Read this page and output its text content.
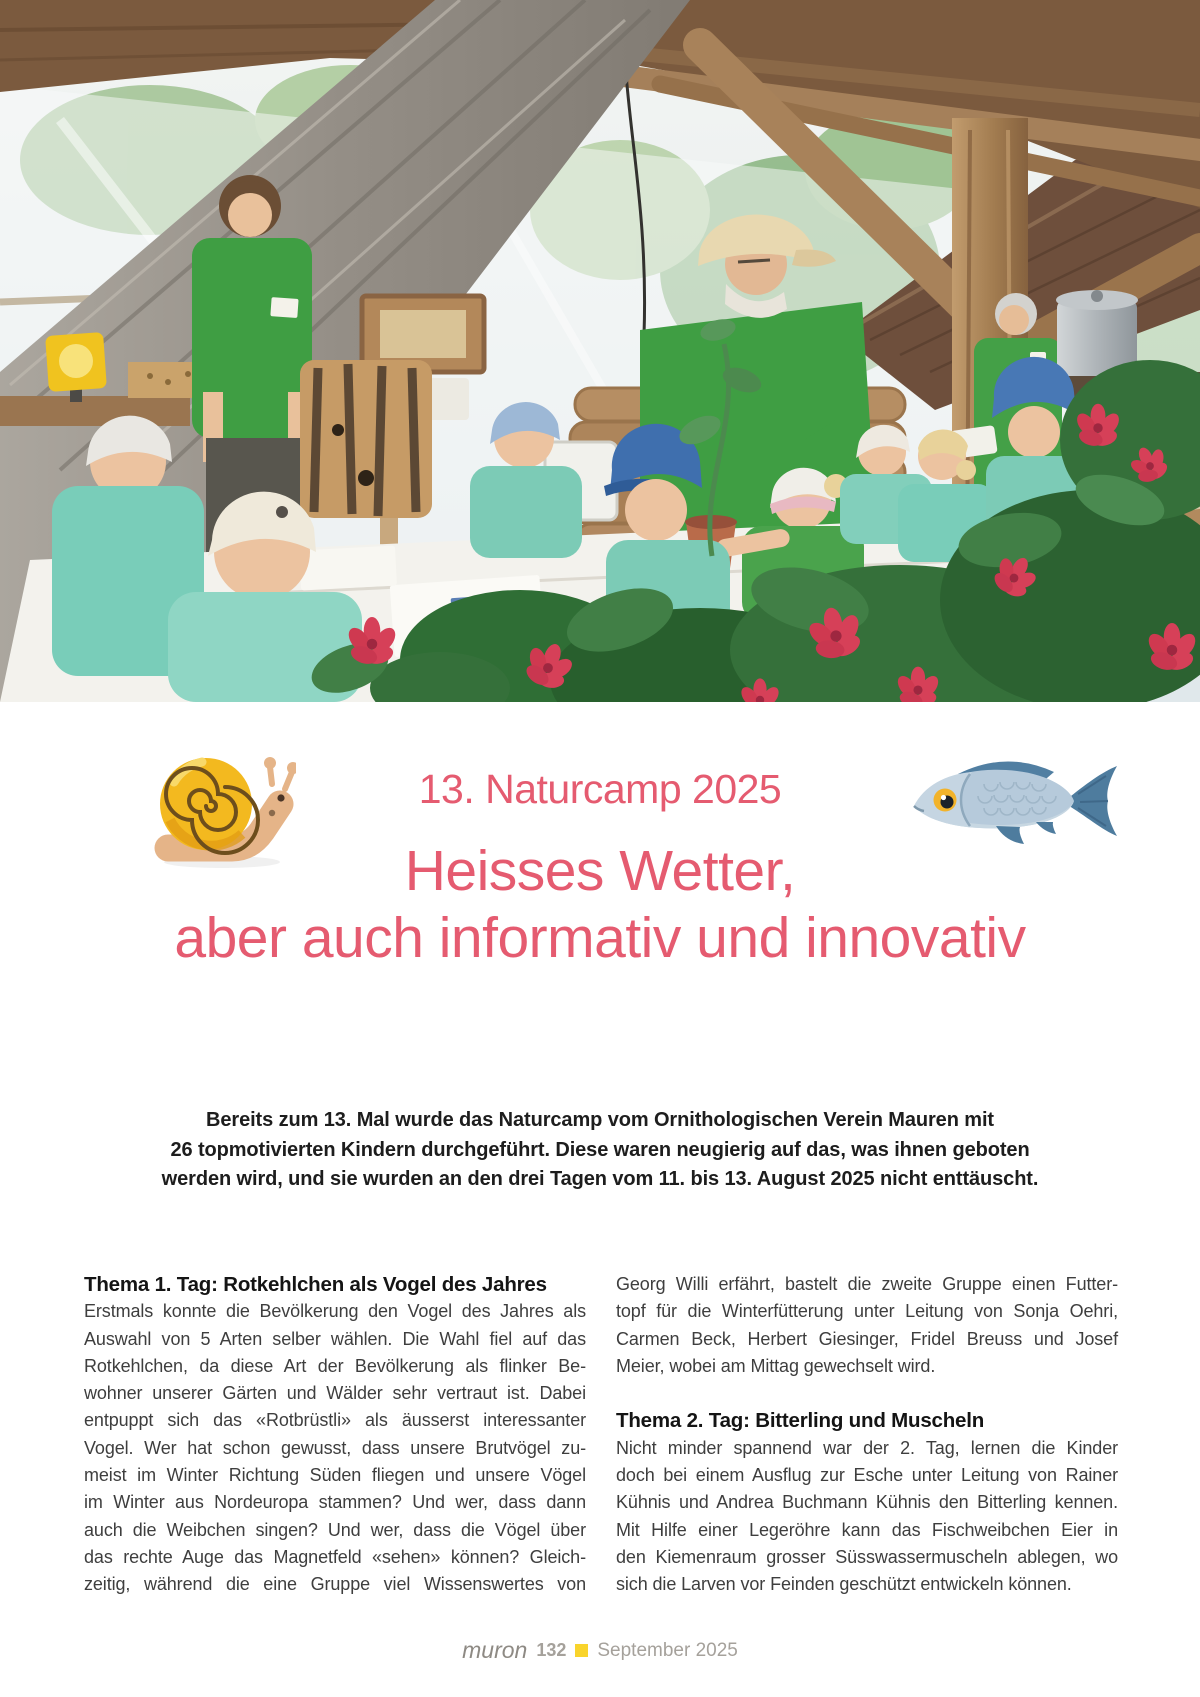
13. Naturcamp 2025
Heisses Wetter,
aber auch informativ und innovativ
Bereits zum 13. Mal wurde das Naturcamp vom Ornithologischen Verein Mauren mit
26 topmotivierten Kindern durchgeführt. Diese waren neugierig auf das, was ihnen geboten
werden wird, und sie wurden an den drei Tagen vom 11. bis 13. August 2025 nicht enttäuscht.
Thema 1. Tag: Rotkehlchen als Vogel des Jahres
Erstmals konnte die Bevölkerung den Vogel des Jahres als
Auswahl von 5 Arten selber wählen. Die Wahl fiel auf das
Rotkehlchen, da diese Art der Bevölkerung als flinker Be-
wohner unserer Gärten und Wälder sehr vertraut ist. Dabei
entpuppt sich das «Rotbrüstli» als äusserst interessanter
Vogel. Wer hat schon gewusst, dass unsere Brutvögel zu-
meist im Winter Richtung Süden fliegen und unsere Vögel
im Winter aus Nordeuropa stammen? Und wer, dass dann
auch die Weibchen singen? Und wer, dass die Vögel über
das rechte Auge das Magnetfeld «sehen» können? Gleich-
zeitig, während die eine Gruppe viel Wissenswertes von
Georg Willi erfährt, bastelt die zweite Gruppe einen Futter-
topf für die Winterfütterung unter Leitung von Sonja Oehri,
Carmen Beck, Herbert Giesinger, Fridel Breuss und Josef
Meier, wobei am Mittag gewechselt wird.
Thema 2. Tag: Bitterling und Muscheln
Nicht minder spannend war der 2. Tag, lernen die Kinder
doch bei einem Ausflug zur Esche unter Leitung von Rainer
Kühnis und Andrea Buchmann Kühnis den Bitterling kennen.
Mit Hilfe einer Legeröhre kann das Fischweibchen Eier in
den Kiemenraum grosser Süsswassermuscheln ablegen, wo
sich die Larven vor Feinden geschützt entwickeln können.
muron 132 September 2025
